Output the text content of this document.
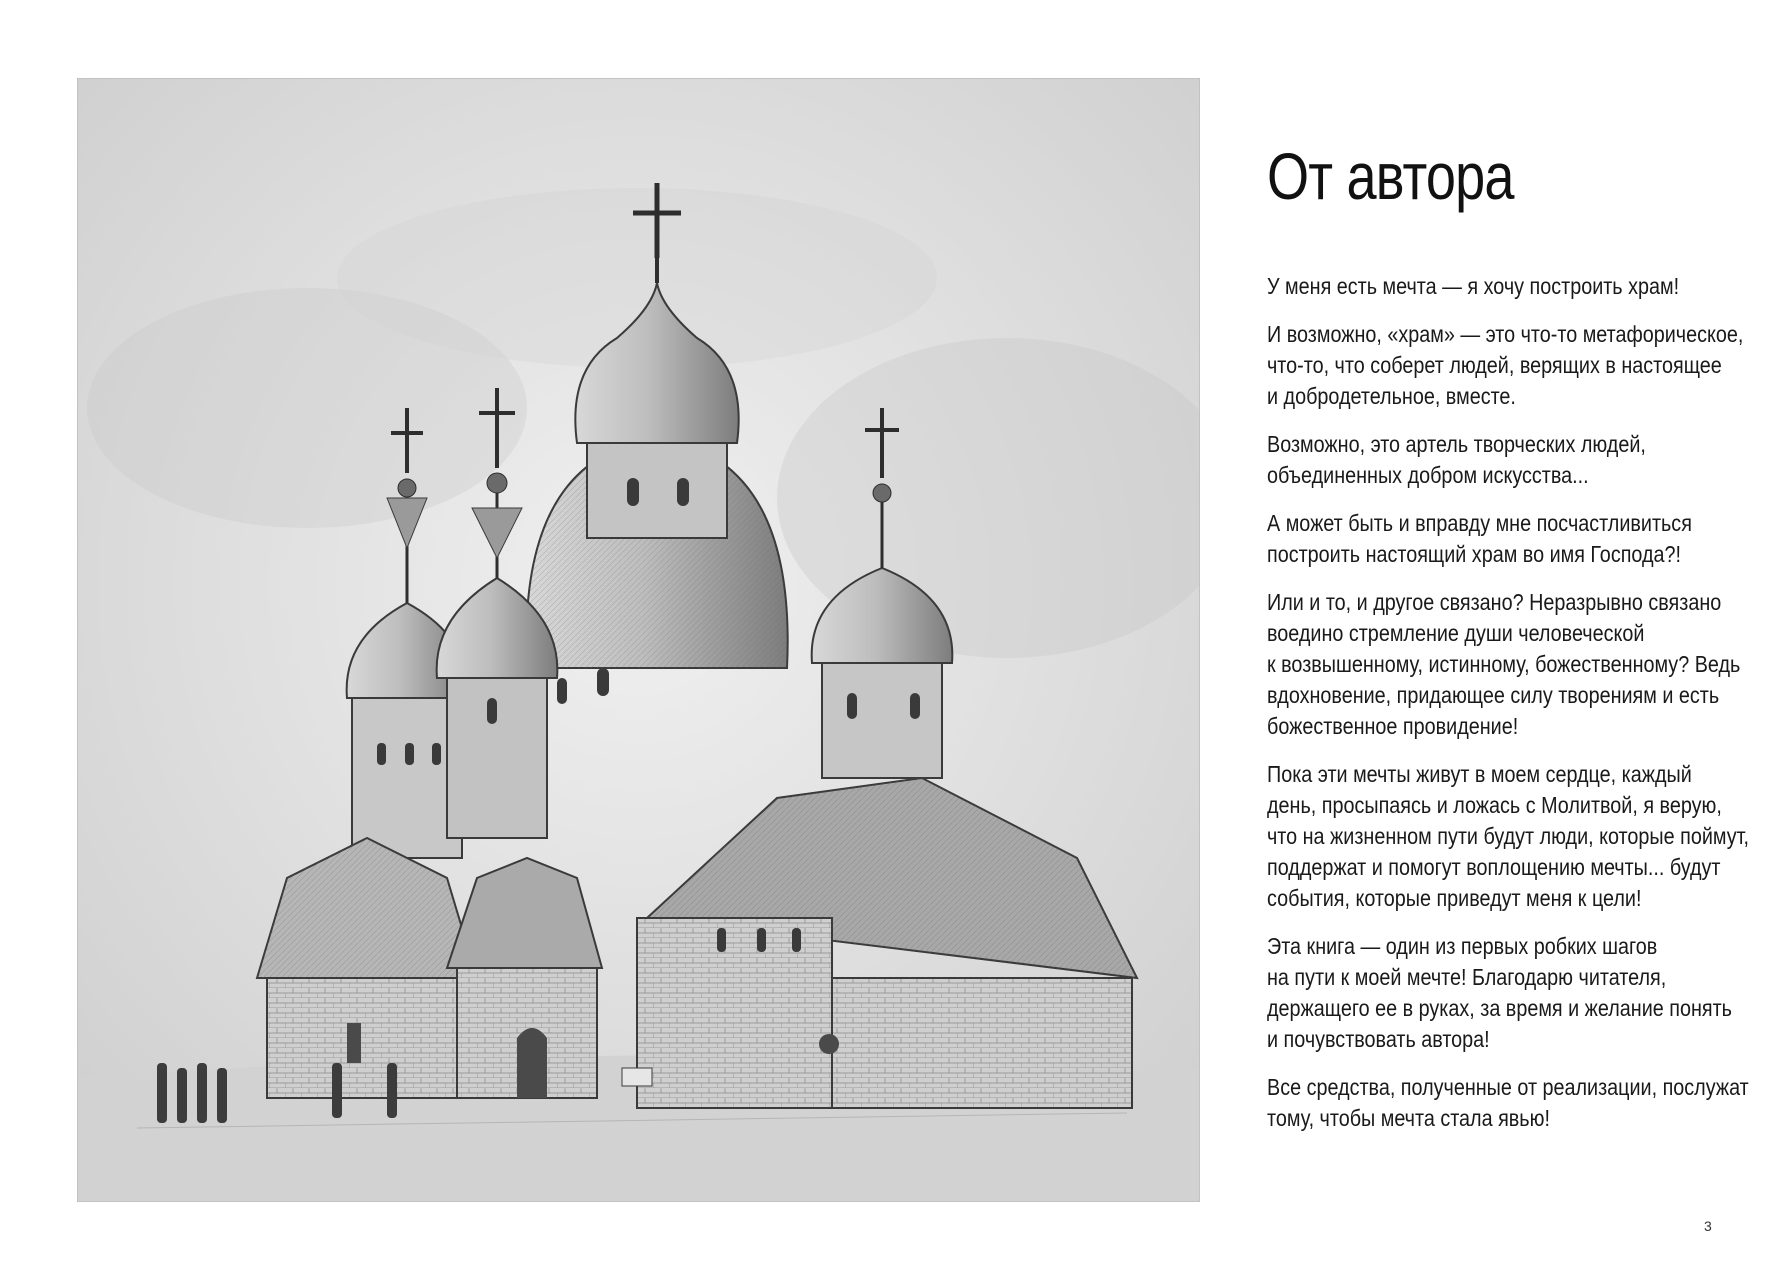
От автора

У меня есть мечта — я хочу построить храм!

И возможно, «храм» — это что-то метафорическое,
что-то, что соберет людей, верящих в настоящее
и добродетельное, вместе.

Возможно, это артель творческих людей,
объединенных добром искусства...

А может быть и вправду мне посчастливиться
построить настоящий храм во имя Господа?!

Или и то, и другое связано? Неразрывно связано
воедино стремление души человеческой
к возвышенному, истинному, божественному? Ведь
вдохновение, придающее силу творениям и есть
божественное провидение!

Пока эти мечты живут в моем сердце, каждый
день, просыпаясь и ложась с Молитвой, я верую,
что на жизненном пути будут люди, которые поймут,
поддержат и помогут воплощению мечты... будут
события, которые приведут меня к цели!

Эта книга — один из первых робких шагов
на пути к моей мечте! Благодарю читателя,
держащего ее в руках, за время и желание понять
и почувствовать автора!

Все средства, полученные от реализации, послужат
тому, чтобы мечта стала явью!

3
